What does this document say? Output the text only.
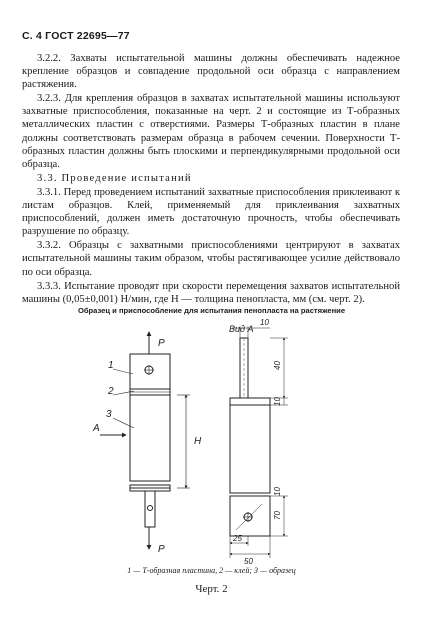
С. 4 ГОСТ 22695—77

3.2.2. Захваты испытательной машины должны обеспечивать надежное крепление образцов и совпадение продольной оси образца с направлением растяжения.

3.2.3. Для крепления образцов в захватах испытательной машины используют захватные приспособления, показанные на черт. 2 и состоящие из Т-образных металлических пластин с отверстиями. Размеры Т-образных пластин в плане должны соответствовать размерам образца в рабочем сечении. Поверхности Т-образных пластин должны быть плоскими и перпендикулярными продольной оси образца.

3.3. Проведение испытаний

3.3.1. Перед проведением испытаний захватные приспособления приклеивают к листам образцов. Клей, применяемый для приклеивания захватных приспособлений, должен иметь достаточную прочность, чтобы обеспечивать разрушение по образцу.

3.3.2. Образцы с захватными приспособлениями центрируют в захватах испытательной машины таким образом, чтобы растягивающее усилие действовало по оси образца.

3.3.3. Испытание проводят при скорости перемещения захватов испытательной машины (0,05±0,001) H/мин, где H — толщина пенопласта, мм (см. черт. 2).

Образец и приспособление для испытания пенопласта на растяжение
P
P
H
А
1
2
3
Вид А
10
40
10
10
70
25
50
1 — Т-образная пластина, 2 — клей; 3 — образец
Черт. 2
